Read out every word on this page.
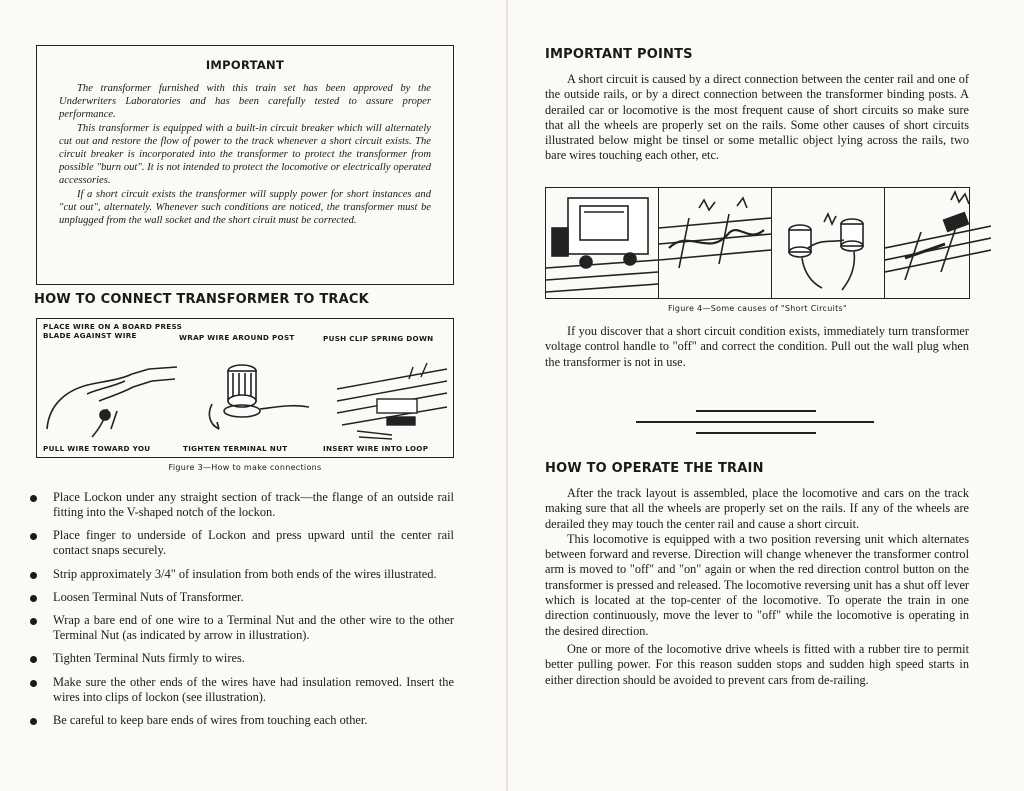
IMPORTANT

The transformer furnished with this train set has been approved by the Underwriters Laboratories and has been carefully tested to assure proper performance.

This transformer is equipped with a built-in circuit breaker which will alternately cut out and restore the flow of power to the track whenever a short circuit exists. The circuit breaker is incorporated into the transformer to protect the transformer from possible "burn out". It is not intended to protect the locomotive or electrically operated accessories.

If a short circuit exists the transformer will supply power for short instances and "cut out", alternately. Whenever such conditions are noticed, the transformer must be unplugged from the wall socket and the short ciruit must be corrected.

HOW TO CONNECT TRANSFORMER TO TRACK
PLACE WIRE ON A BOARD PRESS BLADE AGAINST WIRE	WRAP WIRE AROUND POST	PUSH CLIP SPRING DOWN
PULL WIRE TOWARD YOU	TIGHTEN TERMINAL NUT	INSERT WIRE INTO LOOP
Figure 3—How to make connections
Place Lockon under any straight section of track—the flange of an outside rail fitting into the V-shaped notch of the lockon.
Place finger to underside of Lockon and press upward until the center rail contact snaps securely.
Strip approximately 3/4" of insulation from both ends of the wires illustrated.
Loosen Terminal Nuts of Transformer.
Wrap a bare end of one wire to a Terminal Nut and the other wire to the other Terminal Nut (as indicated by arrow in illustration).
Tighten Terminal Nuts firmly to wires.
Make sure the other ends of the wires have had insulation removed. Insert the wires into clips of lockon (see illustration).
Be careful to keep bare ends of wires from touching each other.
IMPORTANT POINTS

A short circuit is caused by a direct connection between the center rail and one of the outside rails, or by a direct connection between the transformer binding posts. A derailed car or locomotive is the most frequent cause of short circuits so make sure that all the wheels are properly set on the rails. Some other causes of short circuits illustrated below might be tinsel or some metallic object lying across the rails, two bare wires touching each other, etc.

Figure 4—Some causes of "Short Circuits"

If you discover that a short circuit condition exists, immediately turn transformer voltage control handle to "off" and correct the condition. Pull out the wall plug when the transformer is not in use.

HOW TO OPERATE THE TRAIN

After the track layout is assembled, place the locomotive and cars on the track making sure that all the wheels are properly set on the rails. If any of the wheels are derailed they may touch the center rail and cause a short circuit.

This locomotive is equipped with a two position reversing unit which alternates between forward and reverse. Direction will change whenever the transformer control arm is moved to "off" and "on" again or when the red direction control button on the transformer is pressed and released. The locomotive reversing unit has a shut off lever which is located at the top-center of the locomotive. To operate the train in one direction continuously, move the lever to "off" while the locomotive is operating in the desired direction.

One or more of the locomotive drive wheels is fitted with a rubber tire to permit better pulling power. For this reason sudden stops and sudden high speed starts in either direction should be avoided to prevent cars from de-railing.
